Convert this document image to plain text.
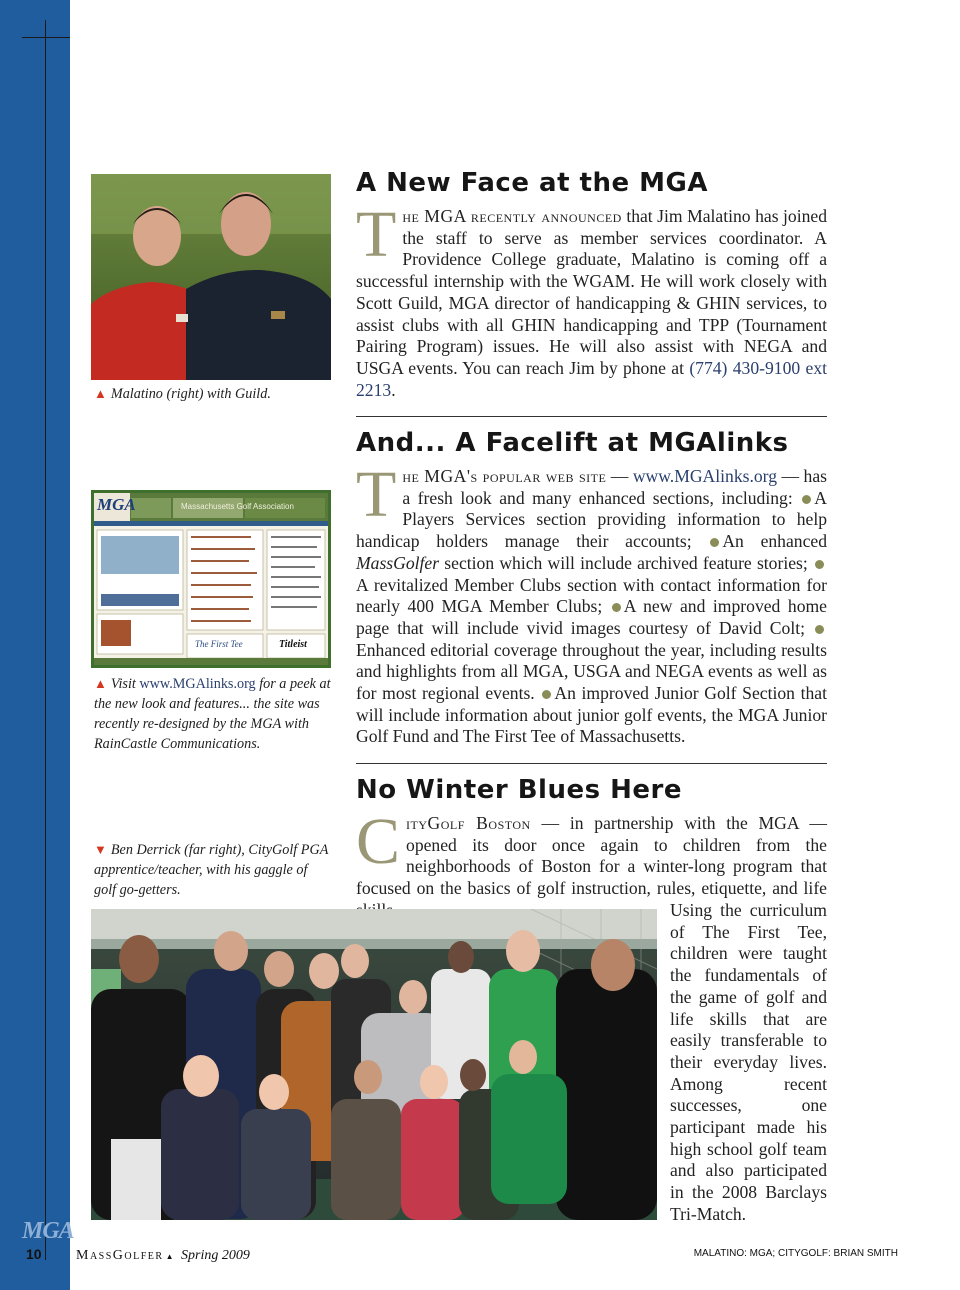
MGA
10 MassGolfer ▲ Spring 2009	MALATINO: MGA; CITYGOLF: BRIAN SMITH
▲ Malatino (right) with Guild.
A New Face at the MGA
The MGA recently announced that Jim Malatino has joined the staff to serve as member services coordinator. A Providence College graduate, Malatino is coming off a successful internship with the WGAM. He will work closely with Scott Guild, MGA director of handicapping & GHIN services, to assist clubs with all GHIN handicapping and TPP (Tournament Pairing Program) issues. He will also assist with NEGA and USGA events. You can reach Jim by phone at (774) 430-9100 ext 2213.
MGA	Massachusetts Golf Association
The First Tee	Titleist
▲ Visit www.MGAlinks.org for a peek at the new look and features... the site was recently re-designed by the MGA with RainCastle Communications.
And... A Facelift at MGAlinks
The MGA's popular web site — www.MGAlinks.org — has a fresh look and many enhanced sections, including: A Players Services section providing information to help handicap holders manage their accounts; An enhanced MassGolfer section which will include archived feature stories; A revitalized Member Clubs section with contact information for nearly 400 MGA Member Clubs; A new and improved home page that will include vivid images courtesy of David Colt; Enhanced editorial coverage throughout the year, including results and highlights from all MGA, USGA and NEGA events as well as for most regional events. An improved Junior Golf Section that will include information about junior golf events, the MGA Junior Golf Fund and The First Tee of Massachusetts.
No Winter Blues Here
CityGolf Boston — in partnership with the MGA — opened its door once again to children from the neighborhoods of Boston for a winter-long program that focused on the basics of golf instruction, rules, etiquette, and life
▼ Ben Derrick (far right), CityGolf PGA apprentice/teacher, with his gaggle of golf go-getters.
Using the curriculum of The First Tee, children were taught the fundamentals of the game of golf and life skills that are easily transferable to their everyday lives. Among recent successes, one participant made his high school golf team and also participated in the 2008 Barclays Tri-Match.
